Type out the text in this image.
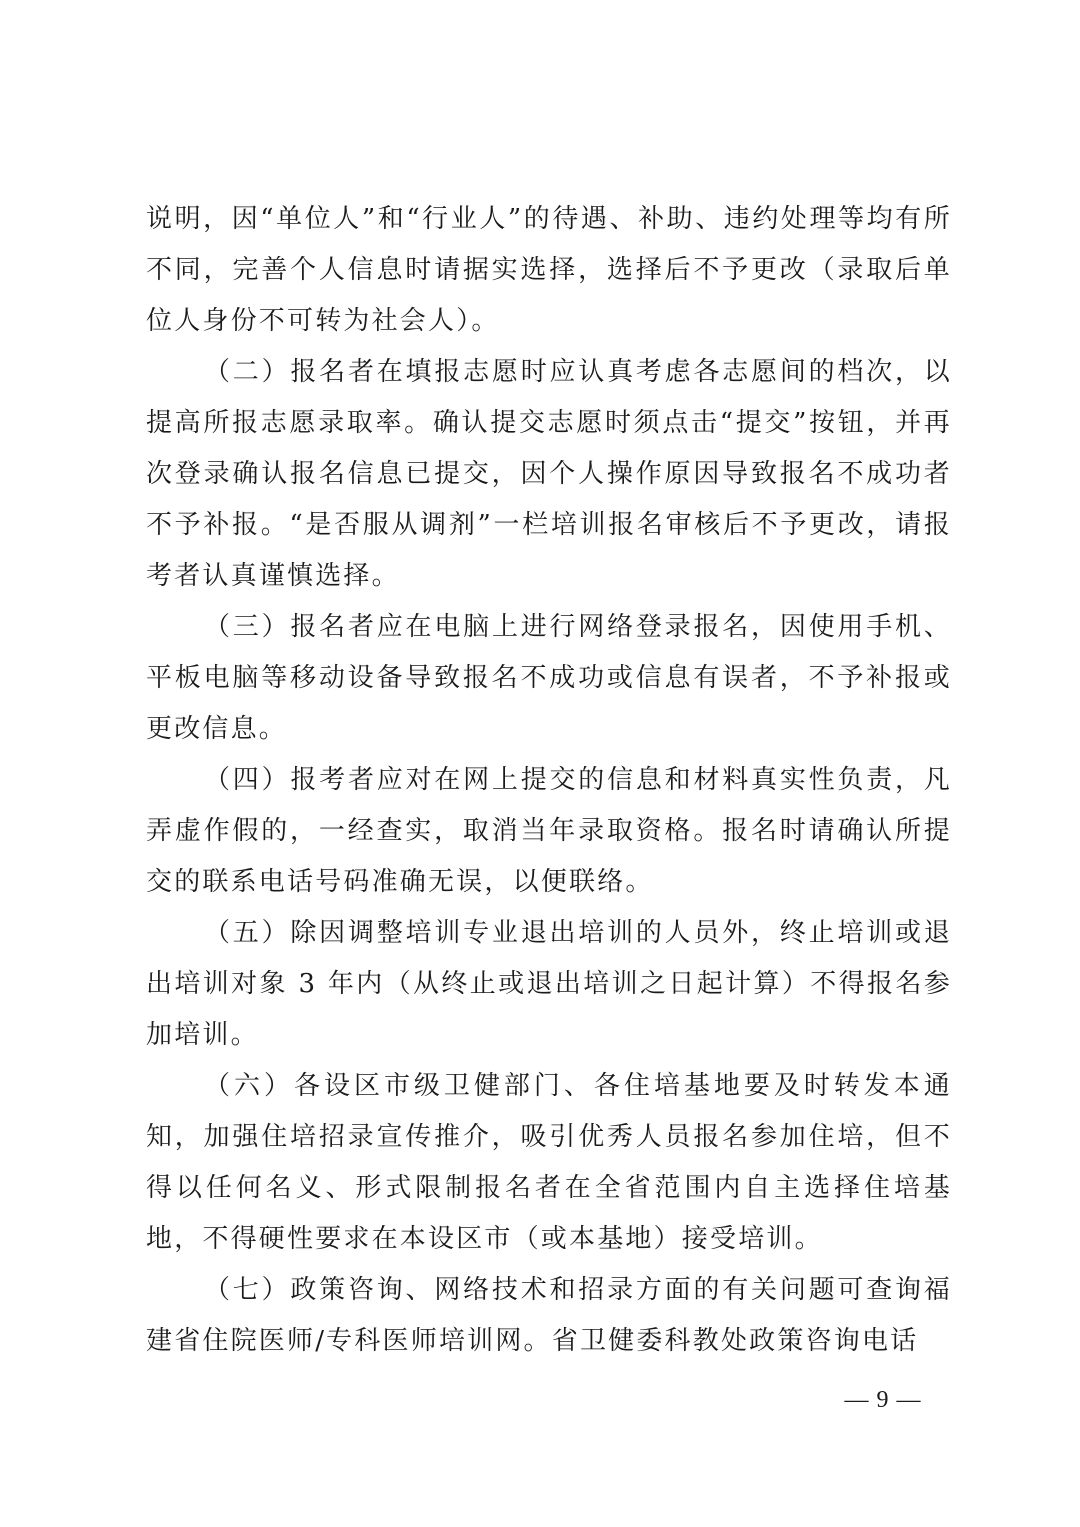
说明，因“单位人”和“行业人”的待遇、补助、违约处理等均有所不同，完善个人信息时请据实选择，选择后不予更改（录取后单位人身份不可转为社会人）。

（二）报名者在填报志愿时应认真考虑各志愿间的档次，以提高所报志愿录取率。确认提交志愿时须点击“提交”按钮，并再次登录确认报名信息已提交，因个人操作原因导致报名不成功者不予补报。“是否服从调剂”一栏培训报名审核后不予更改，请报考者认真谨慎选择。

（三）报名者应在电脑上进行网络登录报名，因使用手机、平板电脑等移动设备导致报名不成功或信息有误者，不予补报或更改信息。

（四）报考者应对在网上提交的信息和材料真实性负责，凡弄虚作假的，一经查实，取消当年录取资格。报名时请确认所提交的联系电话号码准确无误，以便联络。

（五）除因调整培训专业退出培训的人员外，终止培训或退出培训对象 3 年内（从终止或退出培训之日起计算）不得报名参加培训。

（六）各设区市级卫健部门、各住培基地要及时转发本通知，加强住培招录宣传推介，吸引优秀人员报名参加住培，但不得以任何名义、形式限制报名者在全省范围内自主选择住培基地，不得硬性要求在本设区市（或本基地）接受培训。

（七）政策咨询、网络技术和招录方面的有关问题可查询福建省住院医师/专科医师培训网。省卫健委科教处政策咨询电话

— 9 —
